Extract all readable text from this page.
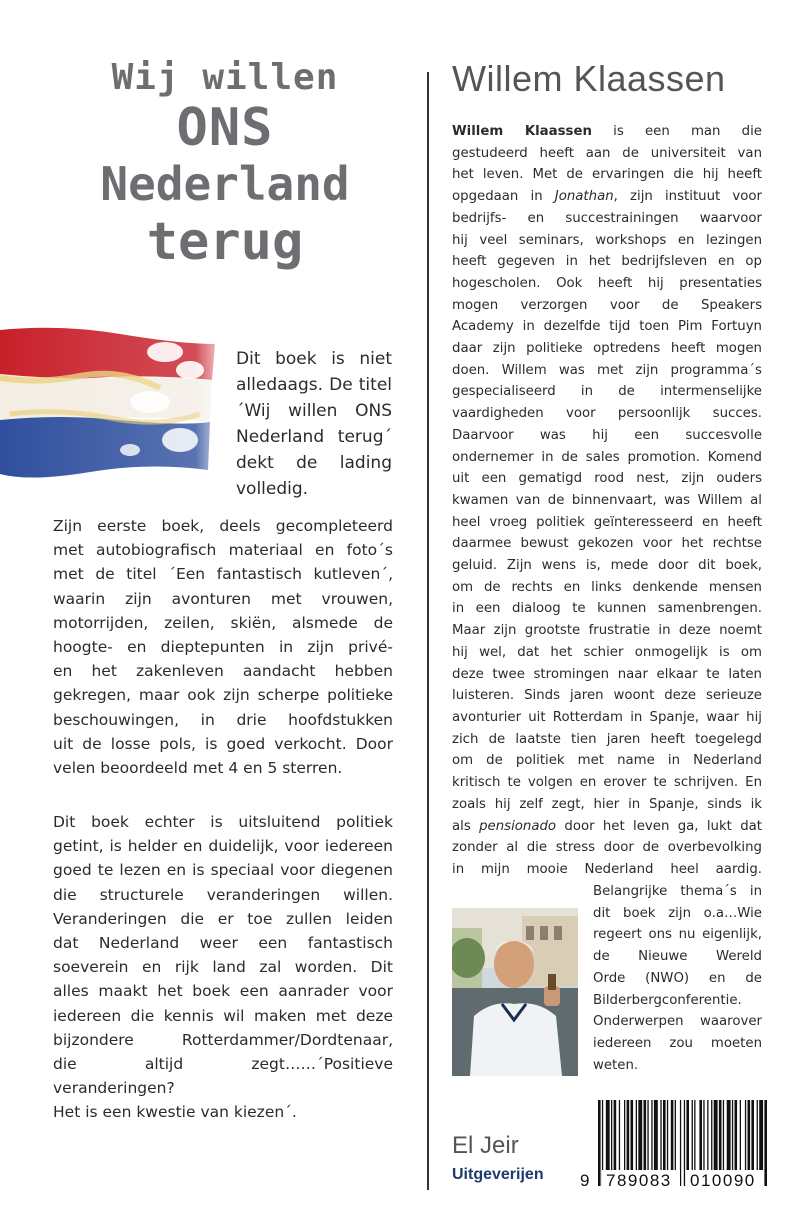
Wij willen
ONS
Nederland
terug
Dit boek is niet
alledaags. De titel
´Wij willen ONS
Nederland terug´
dekt de lading
volledig.
Zijn eerste boek, deels gecompleteerd
met autobiografisch materiaal en foto´s
met de titel ´Een fantastisch kutleven´,
waarin zijn avonturen met vrouwen,
motorrijden, zeilen, skiën, alsmede de
hoogte- en dieptepunten in zijn privé-
en het zakenleven aandacht hebben
gekregen, maar ook zijn scherpe politieke
beschouwingen, in drie hoofdstukken
uit de losse pols, is goed verkocht. Door
velen beoordeeld met 4 en 5 sterren.
Dit boek echter is uitsluitend politiek
getint, is helder en duidelijk, voor iedereen
goed te lezen en is speciaal voor diegenen
die structurele veranderingen willen.
Veranderingen die er toe zullen leiden
dat Nederland weer een fantastisch
soeverein en rijk land zal worden. Dit
alles maakt het boek een aanrader voor
iedereen die kennis wil maken met deze
bijzondere Rotterdammer/Dordtenaar,
die altijd zegt……´Positieve veranderingen?
Het is een kwestie van kiezen´.
Willem Klaassen
Willem Klaassen is een man die
gestudeerd heeft aan de universiteit van
het leven. Met de ervaringen die hij heeft
opgedaan in Jonathan, zijn instituut voor
bedrijfs- en succestrainingen waarvoor
hij veel seminars, workshops en lezingen
heeft gegeven in het bedrijfsleven en op
hogescholen. Ook heeft hij presentaties
mogen verzorgen voor de Speakers
Academy in dezelfde tijd toen Pim Fortuyn
daar zijn politieke optredens heeft mogen
doen. Willem was met zijn programma´s
gespecialiseerd in de intermenselijke
vaardigheden voor persoonlijk succes.
Daarvoor was hij een succesvolle
ondernemer in de sales promotion. Komend
uit een gematigd rood nest, zijn ouders
kwamen van de binnenvaart, was Willem al
heel vroeg politiek geïnteresseerd en heeft
daarmee bewust gekozen voor het rechtse
geluid. Zijn wens is, mede door dit boek,
om de rechts en links denkende mensen
in een dialoog te kunnen samenbrengen.
Maar zijn grootste frustratie in deze noemt
hij wel, dat het schier onmogelijk is om
deze twee stromingen naar elkaar te laten
luisteren. Sinds jaren woont deze serieuze
avonturier uit Rotterdam in Spanje, waar hij
zich de laatste tien jaren heeft toegelegd
om de politiek met name in Nederland
kritisch te volgen en erover te schrijven. En
zoals hij zelf zegt, hier in Spanje, sinds ik
als pensionado door het leven ga, lukt dat
zonder al die stress door de overbevolking
in mijn mooie Nederland heel aardig.
Belangrijke thema´s in
dit boek zijn o.a…Wie
regeert ons nu eigenlijk,
de Nieuwe Wereld
Orde (NWO) en de
Bilderbergconferentie.
Onderwerpen waarover
iedereen zou moeten
weten.
El Jeir
Uitgeverijen 9 789083 010090
